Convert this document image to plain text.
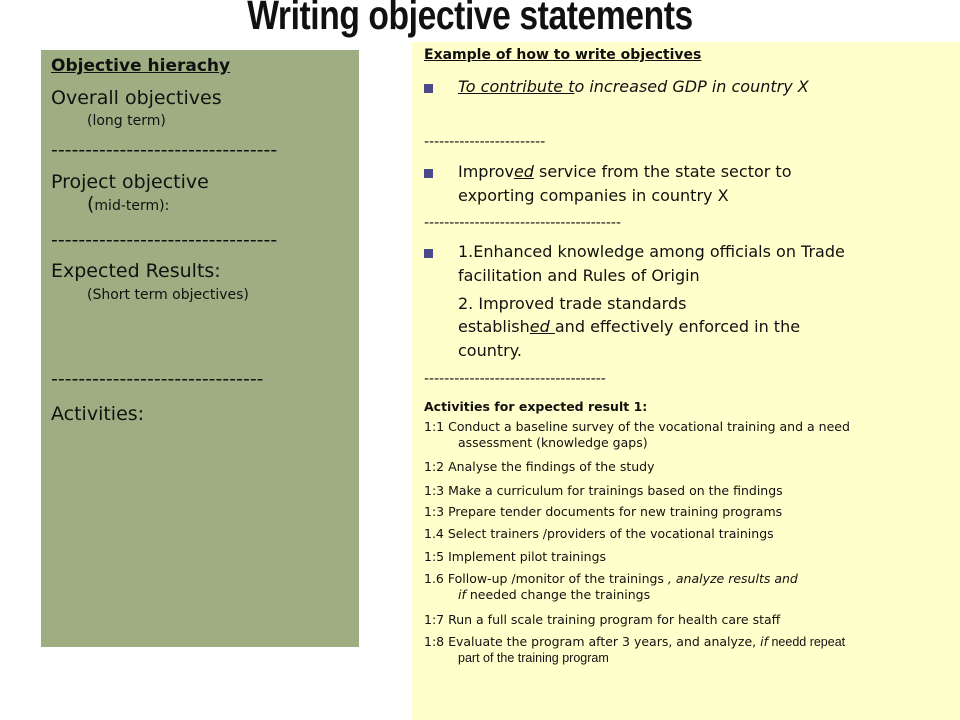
Writing objective statements
Objective hierachy
Overall objectives
(long term)
---------------------------------
Project objective
(mid-term):
---------------------------------
Expected Results:
(Short term objectives)
-------------------------------
Activities:
Example of how to write objectives
To contribute to increased GDP in country X
------------------------
Improved service from the state sector to
exporting companies in country X
---------------------------------------
1.Enhanced knowledge among officials on Trade
facilitation and Rules of Origin
2. Improved trade standards
established and effectively enforced in the
country.
------------------------------------
Activities for expected result 1:
1:1 Conduct a baseline survey of the vocational training and a need
assessment (knowledge gaps)
1:2 Analyse the findings of the study
1:3 Make a curriculum for trainings based on the findings
1:3 Prepare tender documents for new training programs
1.4 Select trainers /providers of the vocational trainings
1:5 Implement pilot trainings
1.6 Follow-up /monitor of the trainings , analyze results and
if needed change the trainings
1:7 Run a full scale training program for health care staff
1:8 Evaluate the program after 3 years, and analyze, if needd repeat
part of the training program
